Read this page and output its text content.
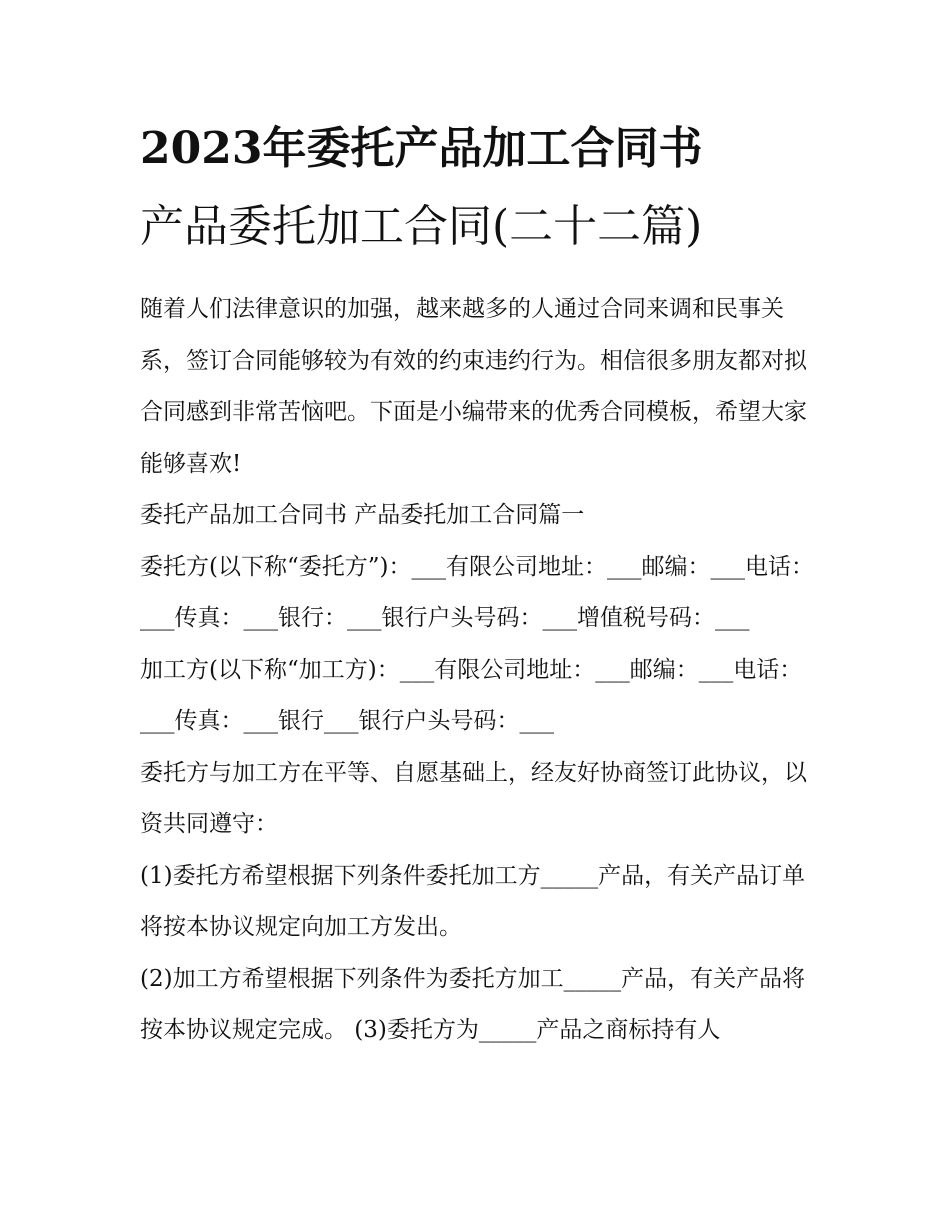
2023年委托产品加工合同书
产品委托加工合同(二十二篇)

随着人们法律意识的加强，越来越多的人通过合同来调和民事关系，签订合同能够较为有效的约束违约行为。相信很多朋友都对拟合同感到非常苦恼吧。下面是小编带来的优秀合同模板，希望大家能够喜欢!

委托产品加工合同书 产品委托加工合同篇一

委托方(以下称“委托方”)：___有限公司地址：___邮编：___电话：___传真：___银行：___银行户头号码：___增值税号码：___

加工方(以下称“加工方)：___有限公司地址：___邮编：___电话：___传真：___银行___银行户头号码：___

委托方与加工方在平等、自愿基础上，经友好协商签订此协议，以资共同遵守：

(1)委托方希望根据下列条件委托加工方_____产品，有关产品订单将按本协议规定向加工方发出。

(2)加工方希望根据下列条件为委托方加工_____产品，有关产品将按本协议规定完成。 (3)委托方为_____产品之商标持有人
